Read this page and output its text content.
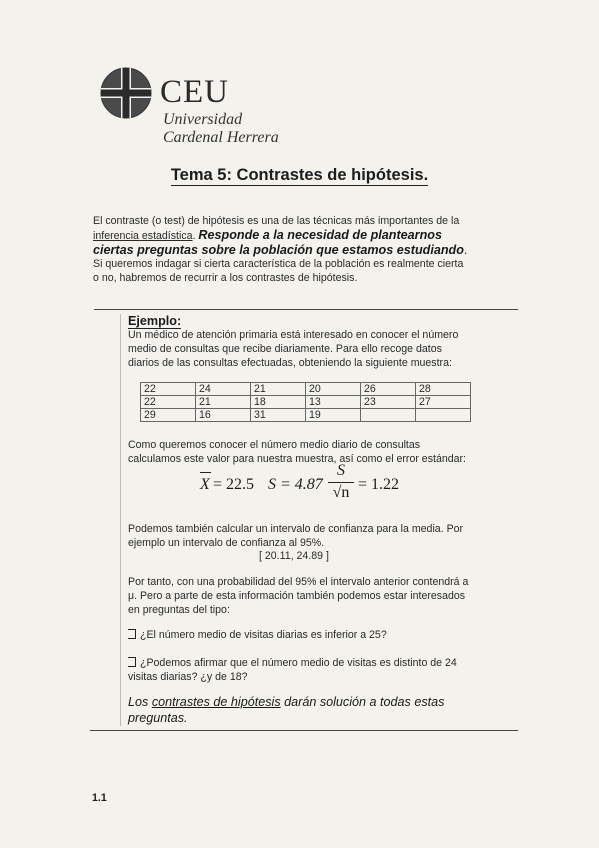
CEU
Universidad
Cardenal Herrera
Tema 5: Contrastes de hipótesis.
El contraste (o test) de hipótesis es una de las técnicas más importantes de la
inferencia estadística. Responde a la necesidad de plantearnos
ciertas preguntas sobre la población que estamos estudiando.
Si queremos indagar si cierta característica de la población es realmente cierta
o no, habremos de recurrir a los contrastes de hipótesis.
Ejemplo:
Un médico de atención primaria está interesado en conocer el número
medio de consultas que recibe diariamente. Para ello recoge datos
diarios de las consultas efectuadas, obteniendo la siguiente muestra:
22	24	21	20	26	28
22	21	18	13	23	27
29	16	31	19		
Como queremos conocer el número medio diario de consultas
calculamos este valor para nuestra muestra, así como el error estándar:
X = 22.5 S = 4.87
S
√n = 1.22
Podemos también calcular un intervalo de confianza para la media. Por
ejemplo un intervalo de confianza al 95%.
[ 20.11, 24.89 ]
Por tanto, con una probabilidad del 95% el intervalo anterior contendrá a
μ. Pero a parte de esta información también podemos estar interesados
en preguntas del tipo:
¿El número medio de visitas diarias es inferior a 25?
¿Podemos afirmar que el número medio de visitas es distinto de 24
visitas diarias? ¿y de 18?
Los contrastes de hipótesis darán solución a todas estas
preguntas.
1.1
